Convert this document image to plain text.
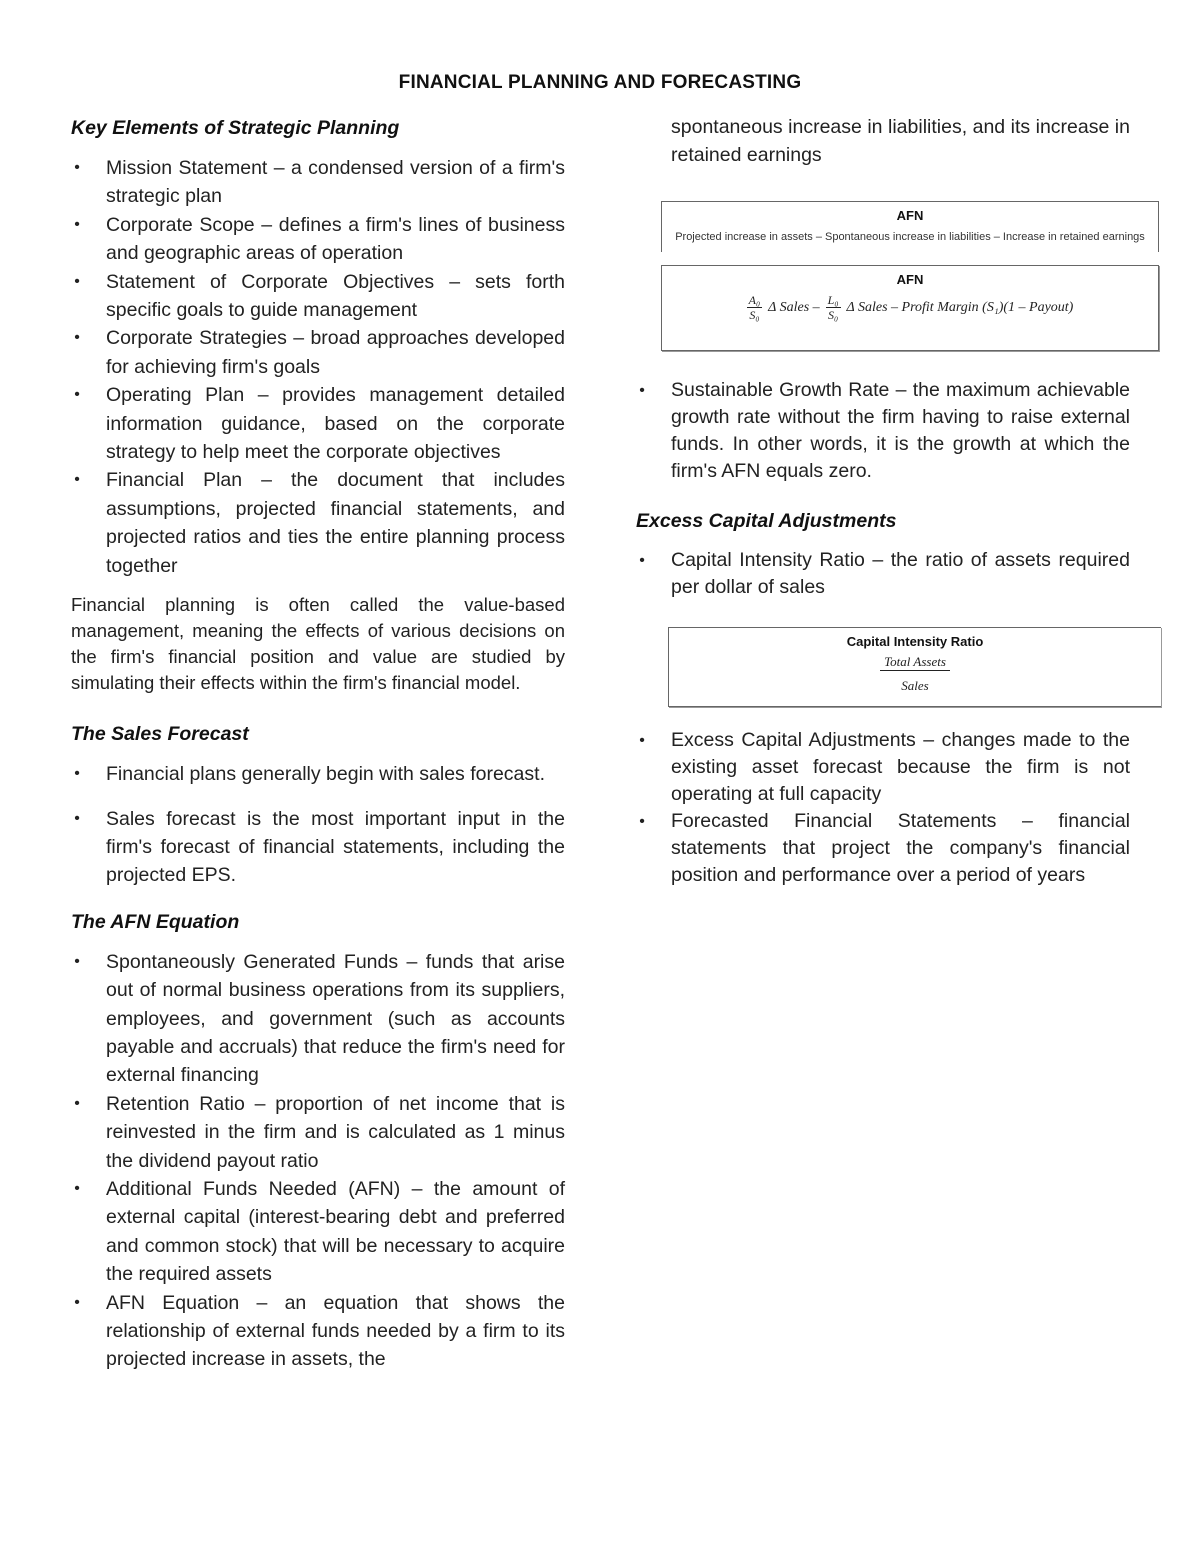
FINANCIAL PLANNING AND FORECASTING
Key Elements of Strategic Planning
• Mission Statement – a condensed version of a firm's strategic plan
• Corporate Scope – defines a firm's lines of business and geographic areas of operation
• Statement of Corporate Objectives – sets forth specific goals to guide management
• Corporate Strategies – broad approaches developed for achieving firm's goals
• Operating Plan – provides management detailed information guidance, based on the corporate strategy to help meet the corporate objectives
• Financial Plan – the document that includes assumptions, projected financial statements, and projected ratios and ties the entire planning process together

Financial planning is often called the value-based management, meaning the effects of various decisions on the firm's financial position and value are studied by simulating their effects within the firm's financial model.

The Sales Forecast
• Financial plans generally begin with sales forecast.
• Sales forecast is the most important input in the firm's forecast of financial statements, including the projected EPS.
The AFN Equation
• Spontaneously Generated Funds – funds that arise out of normal business operations from its suppliers, employees, and government (such as accounts payable and accruals) that reduce the firm's need for external financing
• Retention Ratio – proportion of net income that is reinvested in the firm and is calculated as 1 minus the dividend payout ratio
• Additional Funds Needed (AFN) – the amount of external capital (interest-bearing debt and preferred and common stock) that will be necessary to acquire the required assets
• AFN Equation – an equation that shows the relationship of external funds needed by a firm to its projected increase in assets, the
spontaneous increase in liabilities, and its increase in retained earnings
AFN
Projected increase in assets – Spontaneous increase in liabilities – Increase in retained earnings
AFN
$\frac{\text{A₀}}{\text{S₀}}$ Δ Sales – $\frac{\text{L₀}}{\text{S₀}}$ Δ Sales – Profit Margin (S₁)(1 – Payout)
• Sustainable Growth Rate – the maximum achievable growth rate without the firm having to raise external funds. In other words, it is the growth at which the firm's AFN equals zero.
Excess Capital Adjustments
• Capital Intensity Ratio – the ratio of assets required per dollar of sales
Capital Intensity Ratio
$\frac{\text{Total Assets}}{\text{Sales}}$
• Excess Capital Adjustments – changes made to the existing asset forecast because the firm is not operating at full capacity
• Forecasted Financial Statements – financial statements that project the company's financial position and performance over a period of years
